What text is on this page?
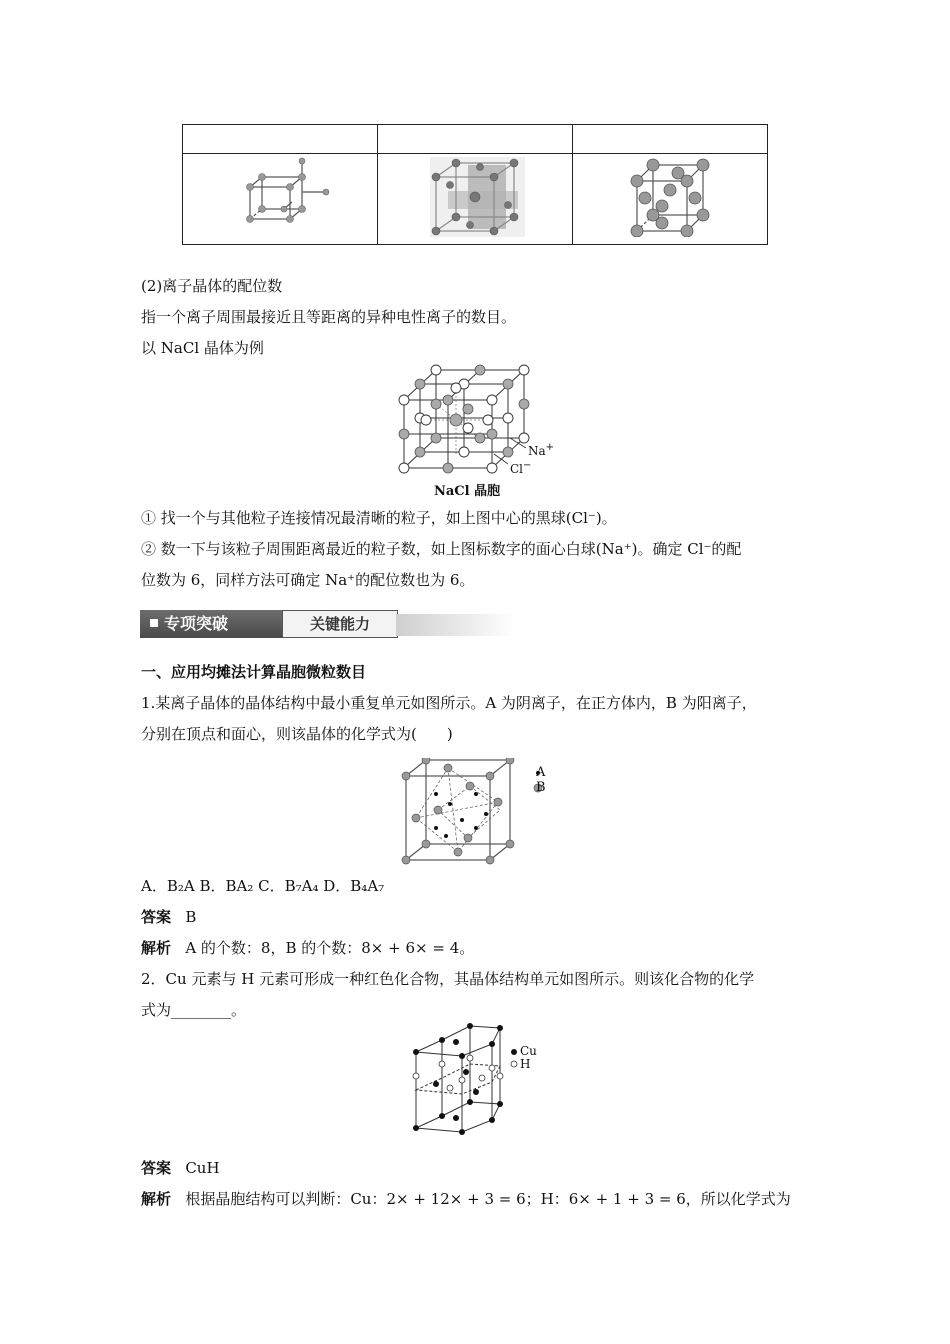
(2)离子晶体的配位数
指一个离子周围最接近且等距离的异种电性离子的数目。
以 NaCl 晶体为例
Na+
Cl−
NaCl 晶胞
① 找一个与其他粒子连接情况最清晰的粒子，如上图中心的黑球(Cl⁻)。
② 数一下与该粒子周围距离最近的粒子数，如上图标数字的面心白球(Na⁺)。确定 Cl⁻的配
位数为 6，同样方法可确定 Na⁺的配位数也为 6。
专项突破	关键能力
一、应用均摊法计算晶胞微粒数目
1.某离子晶体的晶体结构中最小重复单元如图所示。A 为阴离子，在正方体内，B 为阳离子，
分别在顶点和面心，则该晶体的化学式为(　　)
A
B
A．B₂A B．BA₂ C．B₇A₄ D．B₄A₇
答案 B
解析 A 的个数：8，B 的个数：8× + 6× = 4。
2．Cu 元素与 H 元素可形成一种红色化合物，其晶体结构单元如图所示。则该化合物的化学
式为________。
Cu
H
答案 CuH
解析 根据晶胞结构可以判断：Cu：2× + 12× + 3 = 6；H：6× + 1 + 3 = 6，所以化学式为
